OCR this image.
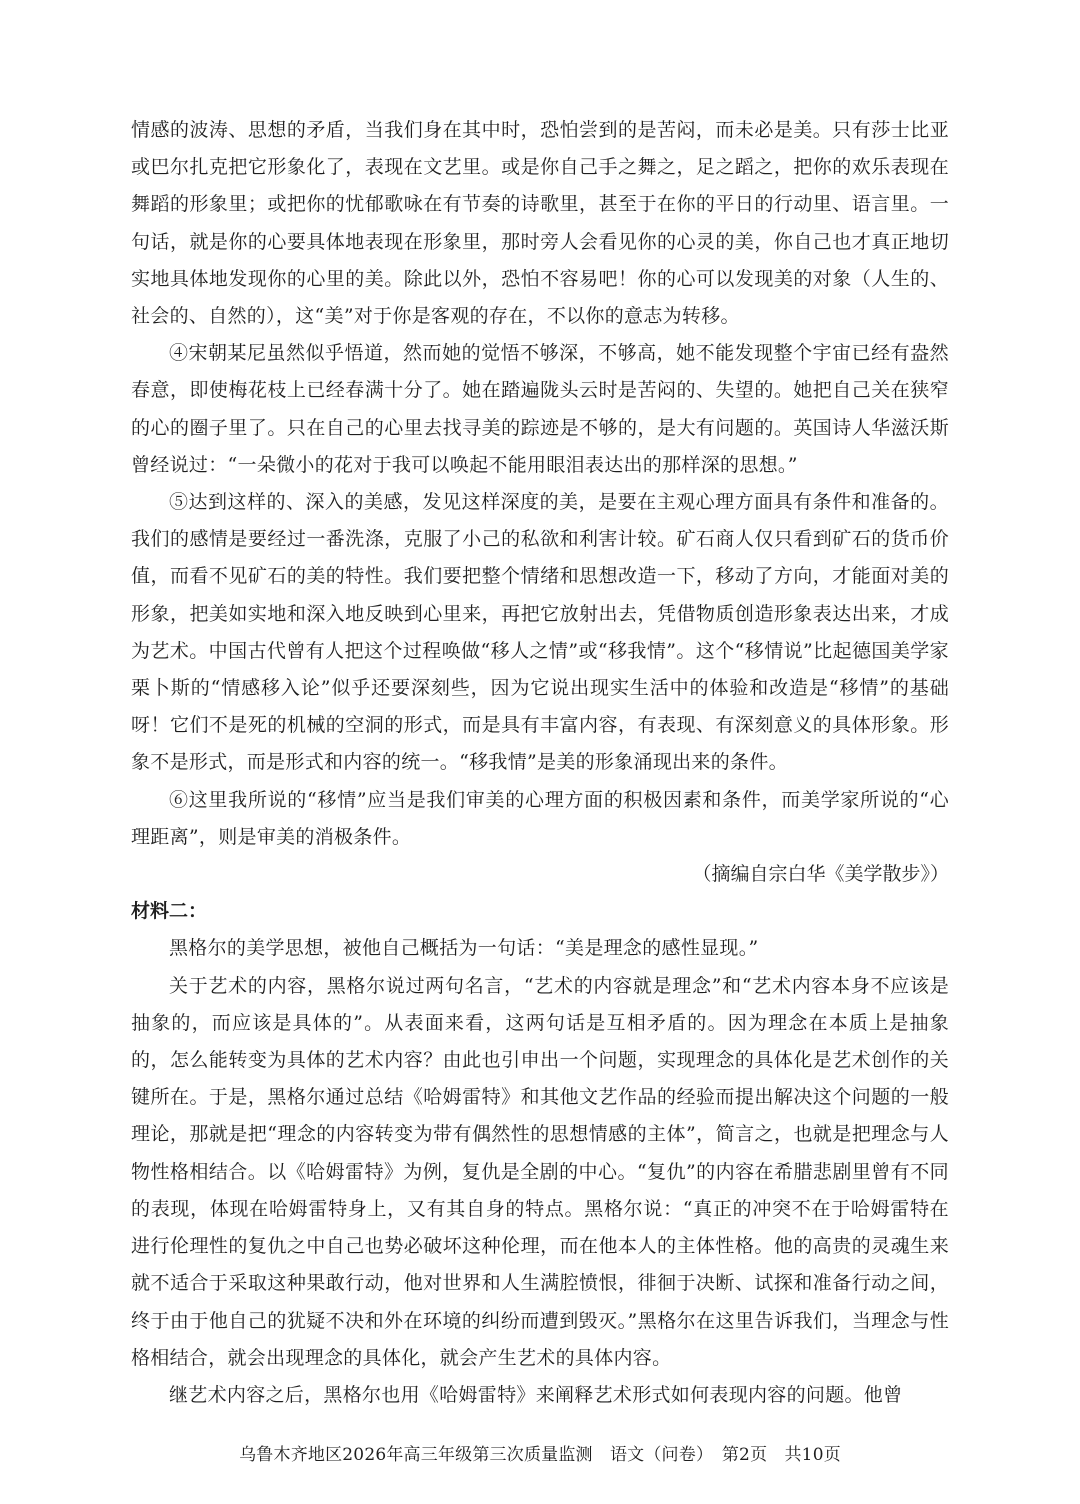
情感的波涛、思想的矛盾，当我们身在其中时，恐怕尝到的是苦闷，而未必是美。只有莎士比亚或巴尔扎克把它形象化了，表现在文艺里。或是你自己手之舞之，足之蹈之，把你的欢乐表现在舞蹈的形象里；或把你的忧郁歌咏在有节奏的诗歌里，甚至于在你的平日的行动里、语言里。一句话，就是你的心要具体地表现在形象里，那时旁人会看见你的心灵的美，你自己也才真正地切实地具体地发现你的心里的美。除此以外，恐怕不容易吧！你的心可以发现美的对象（人生的、社会的、自然的），这“美”对于你是客观的存在，不以你的意志为转移。

④宋朝某尼虽然似乎悟道，然而她的觉悟不够深，不够高，她不能发现整个宇宙已经有盎然春意，即使梅花枝上已经春满十分了。她在踏遍陇头云时是苦闷的、失望的。她把自己关在狭窄的心的圈子里了。只在自己的心里去找寻美的踪迹是不够的，是大有问题的。英国诗人华滋沃斯曾经说过：“一朵微小的花对于我可以唤起不能用眼泪表达出的那样深的思想。”

⑤达到这样的、深入的美感，发见这样深度的美，是要在主观心理方面具有条件和准备的。我们的感情是要经过一番洗涤，克服了小己的私欲和利害计较。矿石商人仅只看到矿石的货币价值，而看不见矿石的美的特性。我们要把整个情绪和思想改造一下，移动了方向，才能面对美的形象，把美如实地和深入地反映到心里来，再把它放射出去，凭借物质创造形象表达出来，才成为艺术。中国古代曾有人把这个过程唤做“移人之情”或“移我情”。这个“移情说”比起德国美学家栗卜斯的“情感移入论”似乎还要深刻些，因为它说出现实生活中的体验和改造是“移情”的基础呀！它们不是死的机械的空洞的形式，而是具有丰富内容，有表现、有深刻意义的具体形象。形象不是形式，而是形式和内容的统一。“移我情”是美的形象涌现出来的条件。

⑥这里我所说的“移情”应当是我们审美的心理方面的积极因素和条件，而美学家所说的“心理距离”，则是审美的消极条件。

（摘编自宗白华《美学散步》）

材料二：

黑格尔的美学思想，被他自己概括为一句话：“美是理念的感性显现。”

关于艺术的内容，黑格尔说过两句名言，“艺术的内容就是理念”和“艺术内容本身不应该是抽象的，而应该是具体的”。从表面来看，这两句话是互相矛盾的。因为理念在本质上是抽象的，怎么能转变为具体的艺术内容？由此也引申出一个问题，实现理念的具体化是艺术创作的关键所在。于是，黑格尔通过总结《哈姆雷特》和其他文艺作品的经验而提出解决这个问题的一般理论，那就是把“理念的内容转变为带有偶然性的思想情感的主体”，简言之，也就是把理念与人物性格相结合。以《哈姆雷特》为例，复仇是全剧的中心。“复仇”的内容在希腊悲剧里曾有不同的表现，体现在哈姆雷特身上，又有其自身的特点。黑格尔说：“真正的冲突不在于哈姆雷特在进行伦理性的复仇之中自己也势必破坏这种伦理，而在他本人的主体性格。他的高贵的灵魂生来就不适合于采取这种果敢行动，他对世界和人生满腔愤恨，徘徊于决断、试探和准备行动之间，终于由于他自己的犹疑不决和外在环境的纠纷而遭到毁灭。”黑格尔在这里告诉我们，当理念与性格相结合，就会出现理念的具体化，就会产生艺术的具体内容。

继艺术内容之后，黑格尔也用《哈姆雷特》来阐释艺术形式如何表现内容的问题。他曾

乌鲁木齐地区2026年高三年级第三次质量监测　语文（问卷）　第2页　共10页
